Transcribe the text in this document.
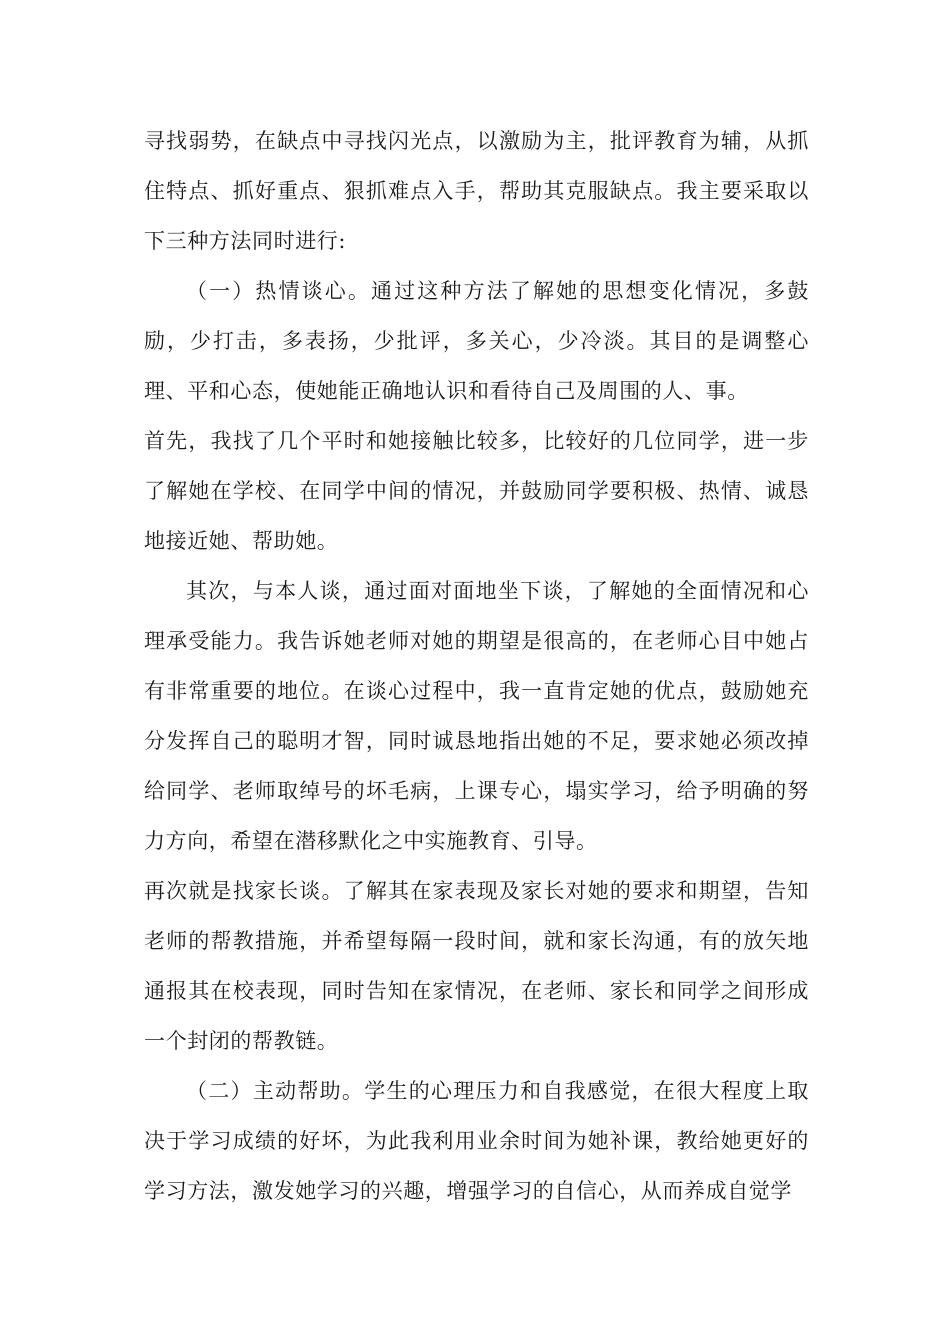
寻找弱势，在缺点中寻找闪光点，以激励为主，批评教育为辅，从抓住特点、抓好重点、狠抓难点入手，帮助其克服缺点。我主要采取以下三种方法同时进行:

（一）热情谈心。通过这种方法了解她的思想变化情况，多鼓励，少打击，多表扬，少批评，多关心，少冷淡。其目的是调整心理、平和心态，使她能正确地认识和看待自己及周围的人、事。

首先，我找了几个平时和她接触比较多，比较好的几位同学，进一步了解她在学校、在同学中间的情况，并鼓励同学要积极、热情、诚恳地接近她、帮助她。

其次，与本人谈，通过面对面地坐下谈，了解她的全面情况和心理承受能力。我告诉她老师对她的期望是很高的，在老师心目中她占有非常重要的地位。在谈心过程中，我一直肯定她的优点，鼓励她充分发挥自己的聪明才智，同时诚恳地指出她的不足，要求她必须改掉给同学、老师取绰号的坏毛病，上课专心，塌实学习，给予明确的努力方向，希望在潜移默化之中实施教育、引导。

再次就是找家长谈。了解其在家表现及家长对她的要求和期望，告知老师的帮教措施，并希望每隔一段时间，就和家长沟通，有的放矢地通报其在校表现，同时告知在家情况，在老师、家长和同学之间形成一个封闭的帮教链。

（二）主动帮助。学生的心理压力和自我感觉，在很大程度上取决于学习成绩的好坏，为此我利用业余时间为她补课，教给她更好的学习方法，激发她学习的兴趣，增强学习的自信心，从而养成自觉学
